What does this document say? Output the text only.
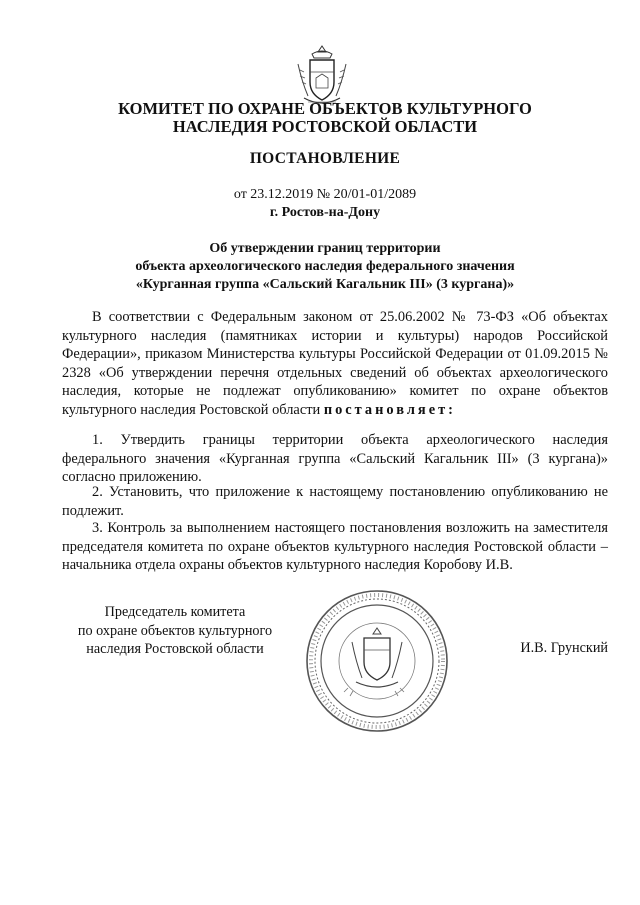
КОМИТЕТ ПО ОХРАНЕ ОБЪЕКТОВ КУЛЬТУРНОГО
НАСЛЕДИЯ РОСТОВСКОЙ ОБЛАСТИ
ПОСТАНОВЛЕНИЕ
от 23.12.2019 № 20/01-01/2089
г. Ростов-на-Дону
Об утверждении границ территории
объекта археологического наследия федерального значения
«Курганная группа «Сальский Кагальник III» (3 кургана)»

В соответствии с Федеральным законом от 25.06.2002 № 73-ФЗ «Об объектах культурного наследия (памятниках истории и культуры) народов Российской Федерации», приказом Министерства культуры Российской Федерации от 01.09.2015 № 2328 «Об утверждении перечня отдельных сведений об объектах археологического наследия, которые не подлежат опубликованию» комитет по охране объектов культурного наследия Ростовской области постановляет:

1. Утвердить границы территории объекта археологического наследия федерального значения «Курганная группа «Сальский Кагальник III» (3 кургана)» согласно приложению.

2. Установить, что приложение к настоящему постановлению опубликованию не подлежит.

3. Контроль за выполнением настоящего постановления возложить на заместителя председателя комитета по охране объектов культурного наследия Ростовской области – начальника отдела охраны объектов культурного наследия Коробову И.В.

Председатель комитета
по охране объектов культурного
наследия Ростовской области	И.В. Грунский
